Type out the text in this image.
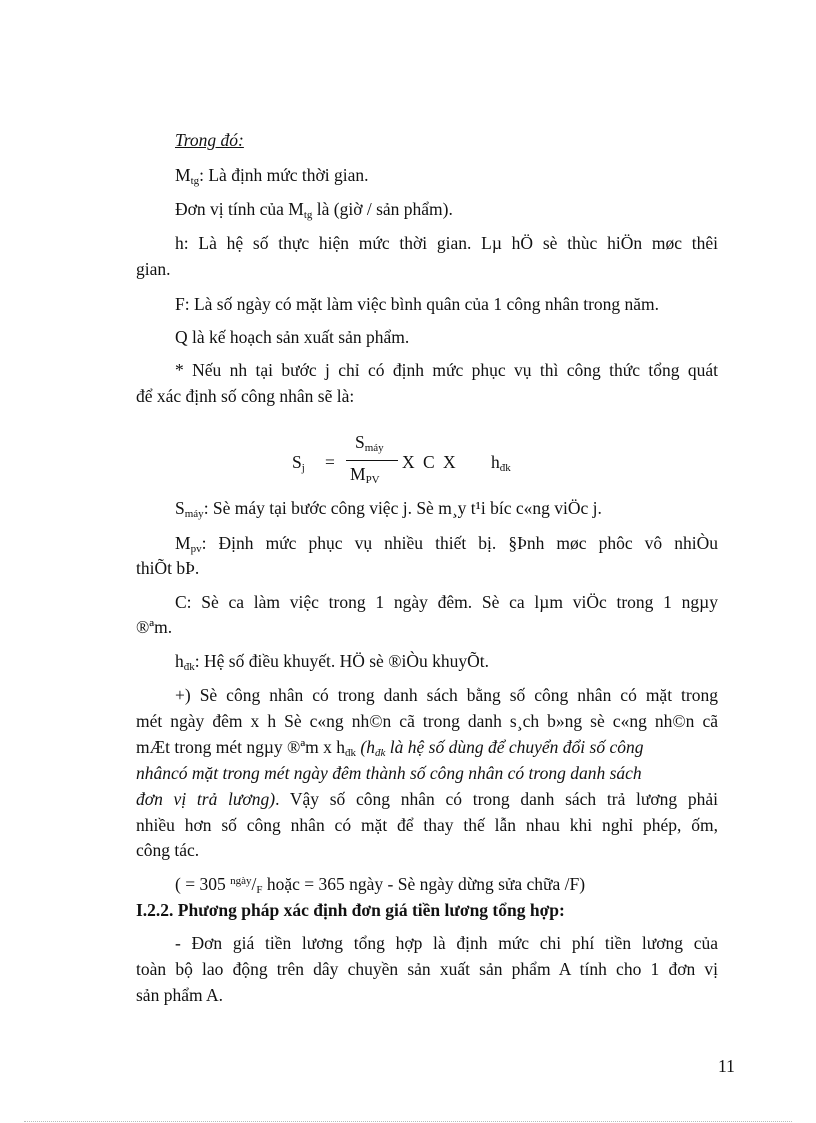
Trong đó:
$M_{tg}$: Là định mức thời gian.
Đơn vị tính của $M_{tg}$ là (giờ / sản phẩm).
h: Là hệ số thực hiện mức thời gian. Lµ hÖ sè thùc hiÖn møc thêi
gian.
F: Là số ngày có mặt làm việc bình quân của 1 công nhân trong năm.
Q là kế hoạch sản xuất sản phẩm.
* Nếu nh tại bước j chỉ có định mức phục vụ thì công thức tổng quát
để xác định số công nhân sẽ là:
$S_{máy}$
$S_j$ =	X C X $h_{đk}$
$M_{PV}$
$S_{máy}$: Sè máy tại bước công việc j. Sè m¸y t¹i bíc c«ng viÖc j.
$M_{pv}$: Định mức phục vụ nhiều thiết bị. §Þnh møc phôc vô nhiÒu
thiÕt bÞ.
C: Sè ca làm việc trong 1 ngày đêm. Sè ca lµm viÖc trong 1 ngµy
®ªm.
$h_{đk}$: Hệ số điều khuyết. HÖ sè ®iÒu khuyÕt.
+) Sè công nhân có trong danh sách bằng số công nhân có mặt trong
mét ngày đêm x h Sè c«ng nh©n cã trong danh s¸ch b»ng sè c«ng nh©n cã
mÆt trong mét ngµy ®ªm x $h_{đk}$ ($h_{đk}$ là hệ số dùng để chuyển đổi số công
nhâncó mặt trong mét ngày đêm thành số công nhân có trong danh sách
đơn vị trả lương). Vậy số công nhân có trong danh sách trả lương phải
nhiều hơn số công nhân có mặt để thay thế lẫn nhau khi nghỉ phép, ốm,
công tác.
( = 305 $^{ngày}/_F$ hoặc = 365 ngày - Sè ngày dừng sửa chữa /F)
I.2.2. Phương pháp xác định đơn giá tiền lương tổng hợp:
- Đơn giá tiền lương tổng hợp là định mức chi phí tiền lương của
toàn bộ lao động trên dây chuyền sản xuất sản phẩm A tính cho 1 đơn vị
sản phẩm A.
11
